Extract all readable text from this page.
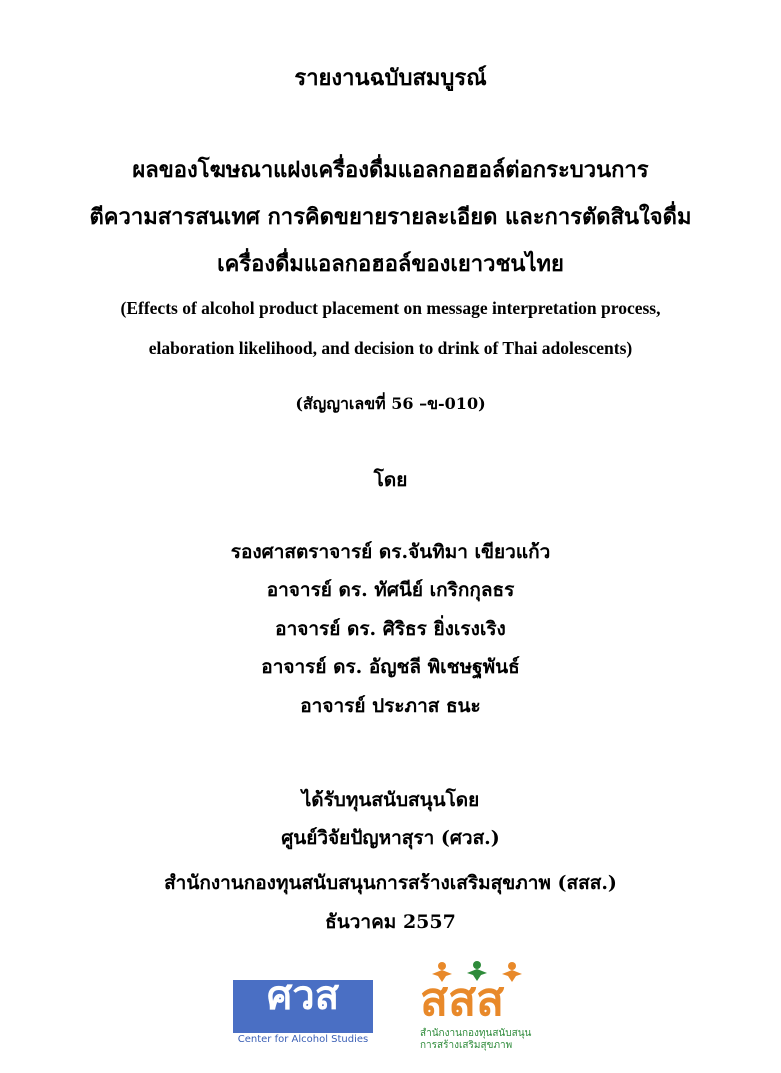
รายงานฉบับสมบูรณ์
ผลของโฆษณาแฝงเครื่องดื่มแอลกอฮอล์ต่อกระบวนการ
ตีความสารสนเทศ การคิดขยายรายละเอียด และการตัดสินใจดื่ม
เครื่องดื่มแอลกอฮอล์ของเยาวชนไทย
(Effects of alcohol product placement on message interpretation process,
elaboration likelihood, and decision to drink of Thai adolescents)
(สัญญาเลขที่ 56 –ข-010)
โดย
รองศาสตราจารย์ ดร.จันทิมา เขียวแก้ว
อาจารย์ ดร. ทัศนีย์ เกริกกุลธร
อาจารย์ ดร. ศิริธร ยิ่งเรงเริง
อาจารย์ ดร. อัญชลี พิเชษฐพันธ์
อาจารย์ ประภาส ธนะ
ได้รับทุนสนับสนุนโดย
ศูนย์วิจัยปัญหาสุรา (ศวส.)
สำนักงานกองทุนสนับสนุนการสร้างเสริมสุขภาพ (สสส.)
ธันวาคม 2557
ศวส
Center for Alcohol Studies
สสส
สำนักงานกองทุนสนับสนุน
การสร้างเสริมสุขภาพ
